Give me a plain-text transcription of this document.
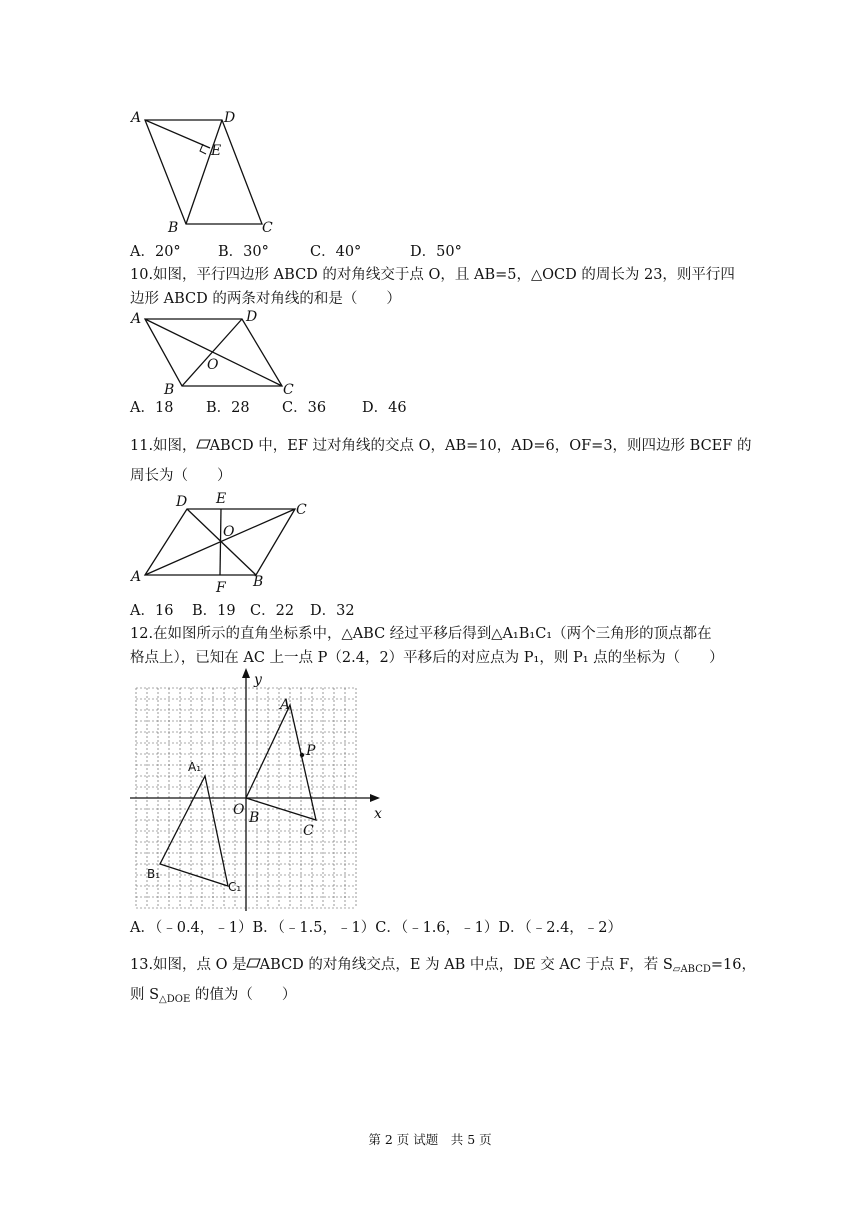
A	D
E
B	C
A．20°	B．30°	C．40°	D．50°
10.如图，平行四边形 ABCD 的对角线交于点 O，且 AB=5，△OCD 的周长为 23，则平行四
边形 ABCD 的两条对角线的和是（　　）
A	D
O
B	C
A．18 B．28 C．36 D．46
11.如图， ABCD 中，EF 过对角线的交点 O，AB=10，AD=6，OF=3，则四边形 BCEF 的
周长为（　　）
D E
C
O
A
F B
A．16 B．19 C．22 D．32
12.在如图所示的直角坐标系中，△ABC 经过平移后得到△A₁B₁C₁（两个三角形的顶点都在
格点上），已知在 AC 上一点 P（2.4，2）平移后的对应点为 P₁，则 P₁ 点的坐标为（　　）
y
x
O B
A
P
C
A₁
B₁
C₁
A．（﹣0.4，﹣1）B．（﹣1.5，﹣1）C．（﹣1.6，﹣1）D．（﹣2.4，﹣2）
13.如图，点 O 是 ABCD 的对角线交点，E 为 AB 中点，DE 交 AC 于点 F，若 $S_{▱ABCD}=16$，
则 $S_{\triangle DOE}$ 的值为（　　）
第 2 页 试题　共 5 页
